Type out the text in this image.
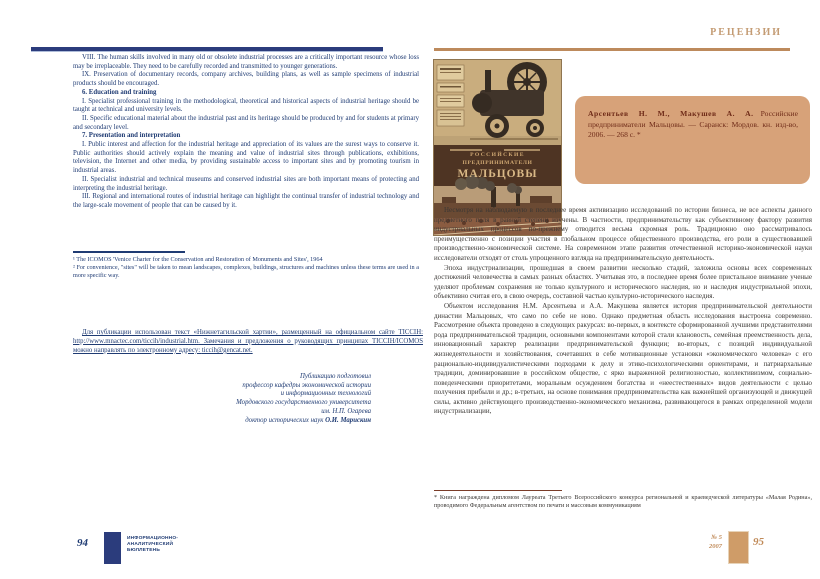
VIII. The human skills involved in many old or obsolete industrial processes are a critically important resource whose loss may be irreplaceable. They need to be carefully recorded and transmitted to younger generations.

IX. Preservation of documentary records, company archives, building plans, as well as sample specimens of industrial products should be encouraged.

6. Education and training

I. Specialist professional training in the methodological, theoretical and historical aspects of industrial heritage should be taught at technical and university levels.

II. Specific educational material about the industrial past and its heritage should be produced by and for students at primary and secondary level.

7. Presentation and interpretation

I. Public interest and affection for the industrial heritage and appreciation of its values are the surest ways to conserve it. Public authorities should actively explain the meaning and value of industrial sites through publications, exhibitions, television, the Internet and other media, by providing sustainable access to important sites and by promoting tourism in industrial areas.

II. Specialist industrial and technical museums and conserved industrial sites are both important means of protecting and interpreting the industrial heritage.

III. Regional and international routes of industrial heritage can highlight the continual transfer of industrial technology and the large-scale movement of people that can be caused by it.

¹ The ICOMOS 'Venice Charter for the Conservation and Restoration of Monuments and Sites', 1964

² For convenience, "sites" will be taken to mean landscapes, complexes, buildings, structures and machines unless these terms are used in a more specific way.

Для публикации использован текст «Нижнетагильской хартии», размещенный на официальном сайте TICCIH: http://www.mnactec.com/ticcih/industrial.htm. Замечания и предложения о руководящих принципах TICCIH/ICOMOS можно направлять по электронному адресу: ticcih@gencat.net.
Публикацию подготовил
профессор кафедры экономической истории
и информационных технологий
Мордовского государственного университета
им. Н.П. Огарева
доктор исторических наук О.И. Марискин
94	ИНФОРМАЦИОННО-
АНАЛИТИЧЕСКИЙ
БЮЛЛЕТЕНЬ
РЕЦЕНЗИИ
РОССИЙСКИЕ
ПРЕДПРИНИМАТЕЛИ
МАЛЬЦОВЫ
Арсентьев Н. М., Макушев А. А. Российские предприниматели Мальцовы. — Саранск: Мордов. кн. изд-во, 2006. — 268 с. *

Несмотря на наблюдаемую в последнее время активизацию исследований по истории бизнеса, не все аспекты данного предметного поля в равной степени изучены. В частности, предпринимательству как субъективному фактору развития индустриальных процессов по-прежнему отводится весьма скромная роль. Традиционно оно рассматривалось преимущественно с позиции участия в глобальном процессе общественного производства, его роли в существовавшей производственно-экономической системе. На современном этапе развития отечественной историко-экономической науки исследователи отходят от столь упрощенного взгляда на предпринимательскую деятельность.

Эпоха индустриализации, прошедшая в своем развитии несколько стадий, заложила основы всех современных достижений человечества в самых разных областях. Учитывая это, в последнее время более пристальное внимание ученые уделяют проблемам сохранения не только культурного и исторического наследия, но и наследия индустриальной эпохи, объективно считая его, в свою очередь, составной частью культурно-исторического наследия.

Объектом исследования Н.М. Арсентьева и А.А. Макушева является история предпринимательской деятельности династии Мальцовых, что само по себе не ново. Однако предметная область исследования выстроена современно. Рассмотрение объекта проведено в следующих ракурсах: во-первых, в контексте сформированной лучшими представителями рода предпринимательской традиции, основными компонентами которой стали клановость, семейная преемственность дела, инновационный характер реализации предпринимательской функции; во-вторых, с позиций индивидуальной жизнедеятельности и хозяйствования, сочетавших в себе мотивационные установки «экономического человека» с его рационально-индивидуалистическими подходами к делу и этико-психологическими ориентирами, и патриархальные традиции, доминировавшие в российском обществе, с ярко выраженной религиозностью, коллективизмом, социально-поведенческими приоритетами, моральным осуждением богатства и «неестественных» видов деятельности с целью получения прибыли и др.; в-третьих, на основе понимания предпринимательства как важнейшей организующей и движущей силы, активно действующего производственно-экономического механизма, развивающегося в рамках определенной модели индустриализации,

* Книга награждена дипломом Лауреата Третьего Всероссийского конкурса региональной и краеведческой литературы «Малая Родина», проводимого Федеральным агентством по печати и массовым коммуникациям
№ 5
2007	95
